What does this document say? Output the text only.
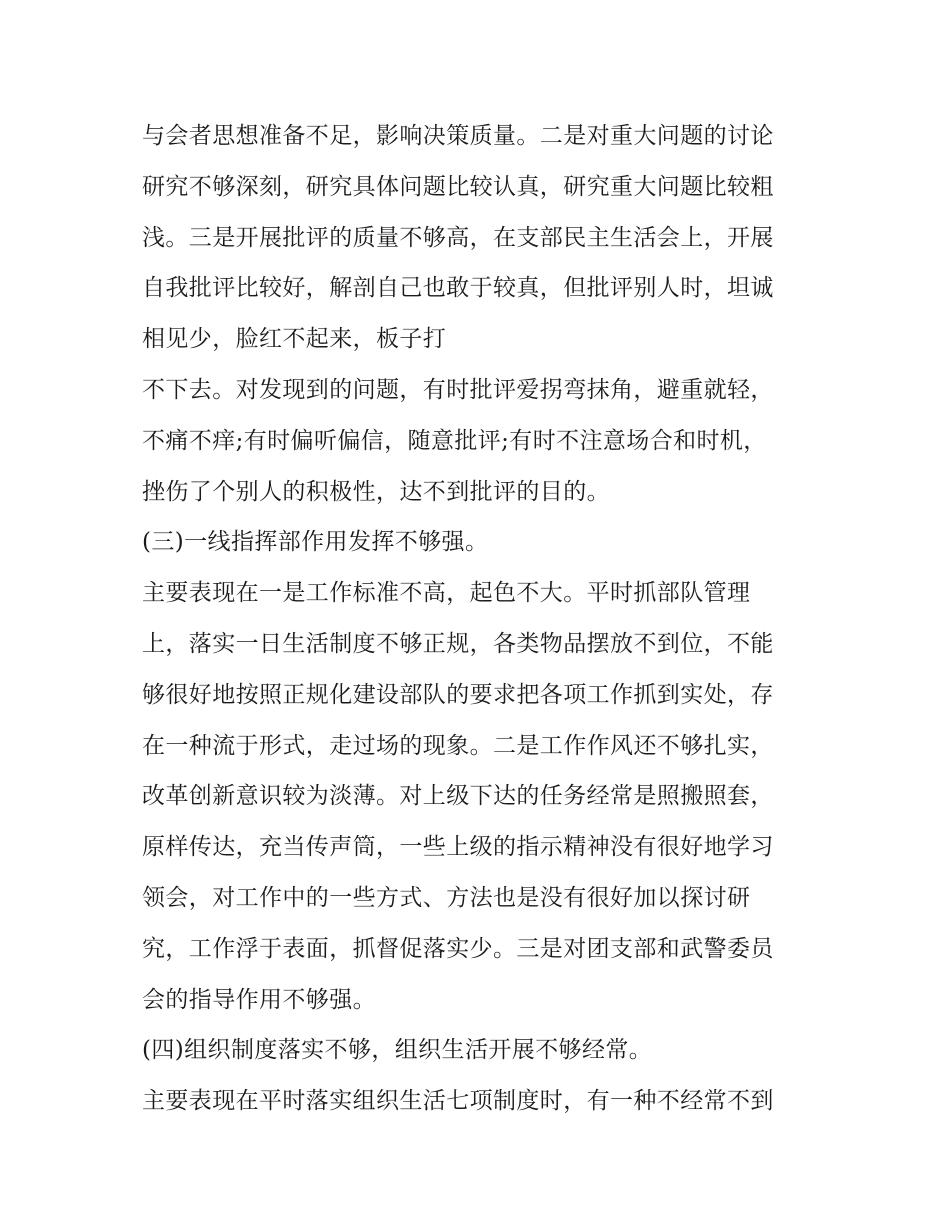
与会者思想准备不足，影响决策质量。二是对重大问题的讨论
研究不够深刻，研究具体问题比较认真，研究重大问题比较粗
浅。三是开展批评的质量不够高，在支部民主生活会上，开展
自我批评比较好，解剖自己也敢于较真，但批评别人时，坦诚
相见少，脸红不起来，板子打
不下去。对发现到的问题，有时批评爱拐弯抹角，避重就轻，
不痛不痒;有时偏听偏信，随意批评;有时不注意场合和时机，
挫伤了个别人的积极性，达不到批评的目的。
(三)一线指挥部作用发挥不够强。
主要表现在一是工作标准不高，起色不大。平时抓部队管理
上，落实一日生活制度不够正规，各类物品摆放不到位，不能
够很好地按照正规化建设部队的要求把各项工作抓到实处，存
在一种流于形式，走过场的现象。二是工作作风还不够扎实，
改革创新意识较为淡薄。对上级下达的任务经常是照搬照套，
原样传达，充当传声筒，一些上级的指示精神没有很好地学习
领会，对工作中的一些方式、方法也是没有很好加以探讨研
究，工作浮于表面，抓督促落实少。三是对团支部和武警委员
会的指导作用不够强。
(四)组织制度落实不够，组织生活开展不够经常。
主要表现在平时落实组织生活七项制度时，有一种不经常不到
